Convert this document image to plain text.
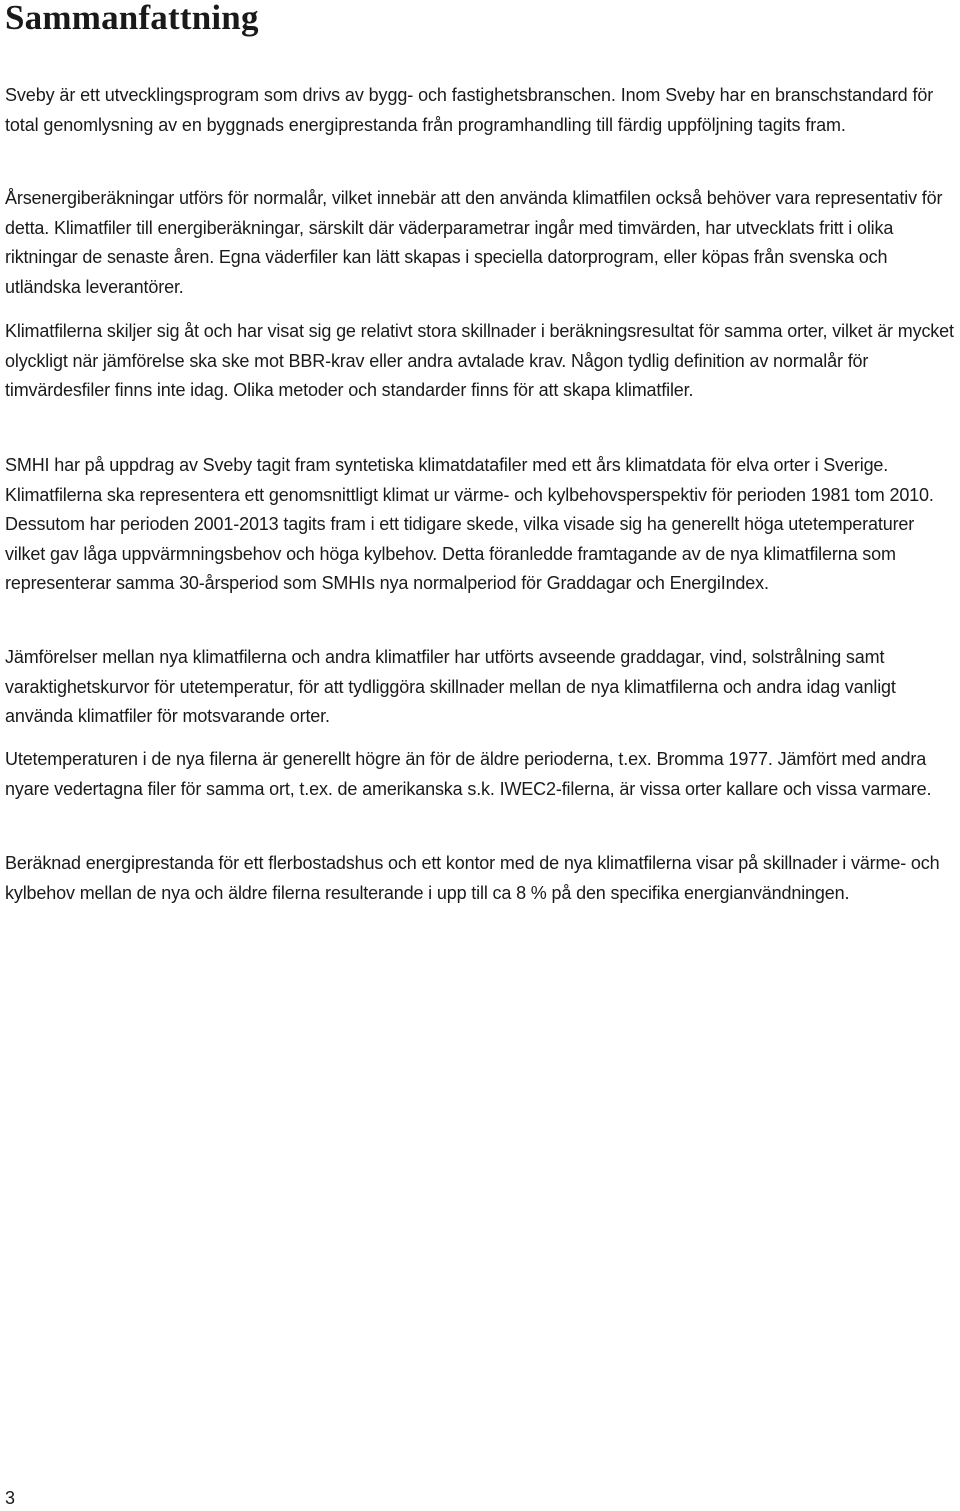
Sammanfattning

Sveby är ett utvecklingsprogram som drivs av bygg- och fastighetsbranschen. Inom Sveby har en branschstandard för total genomlysning av en byggnads energiprestanda från programhandling till färdig uppföljning tagits fram.

Årsenergiberäkningar utförs för normalår, vilket innebär att den använda klimatfilen också behöver vara representativ för detta. Klimatfiler till energiberäkningar, särskilt där väderparametrar ingår med timvärden, har utvecklats fritt i olika riktningar de senaste åren. Egna väderfiler kan lätt skapas i speciella datorprogram, eller köpas från svenska och utländska leverantörer.

Klimatfilerna skiljer sig åt och har visat sig ge relativt stora skillnader i beräkningsresultat för samma orter, vilket är mycket olyckligt när jämförelse ska ske mot BBR-krav eller andra avtalade krav. Någon tydlig definition av normalår för timvärdesfiler finns inte idag. Olika metoder och standarder finns för att skapa klimatfiler.

SMHI har på uppdrag av Sveby tagit fram syntetiska klimatdatafiler med ett års klimatdata för elva orter i Sverige. Klimatfilerna ska representera ett genomsnittligt klimat ur värme- och kylbehovsperspektiv för perioden 1981 tom 2010. Dessutom har perioden 2001-2013 tagits fram i ett tidigare skede, vilka visade sig ha generellt höga utetemperaturer vilket gav låga uppvärmningsbehov och höga kylbehov. Detta föranledde framtagande av de nya klimatfilerna som representerar samma 30-årsperiod som SMHIs nya normalperiod för Graddagar och EnergiIndex.

Jämförelser mellan nya klimatfilerna och andra klimatfiler har utförts avseende graddagar, vind, solstrålning samt varaktighetskurvor för utetemperatur, för att tydliggöra skillnader mellan de nya klimatfilerna och andra idag vanligt använda klimatfiler för motsvarande orter.

Utetemperaturen i de nya filerna är generellt högre än för de äldre perioderna, t.ex. Bromma 1977. Jämfört med andra nyare vedertagna filer för samma ort, t.ex. de amerikanska s.k. IWEC2-filerna, är vissa orter kallare och vissa varmare.

Beräknad energiprestanda för ett flerbostadshus och ett kontor med de nya klimatfilerna visar på skillnader i värme- och kylbehov mellan de nya och äldre filerna resulterande i upp till ca 8 % på den specifika energianvändningen.

3
